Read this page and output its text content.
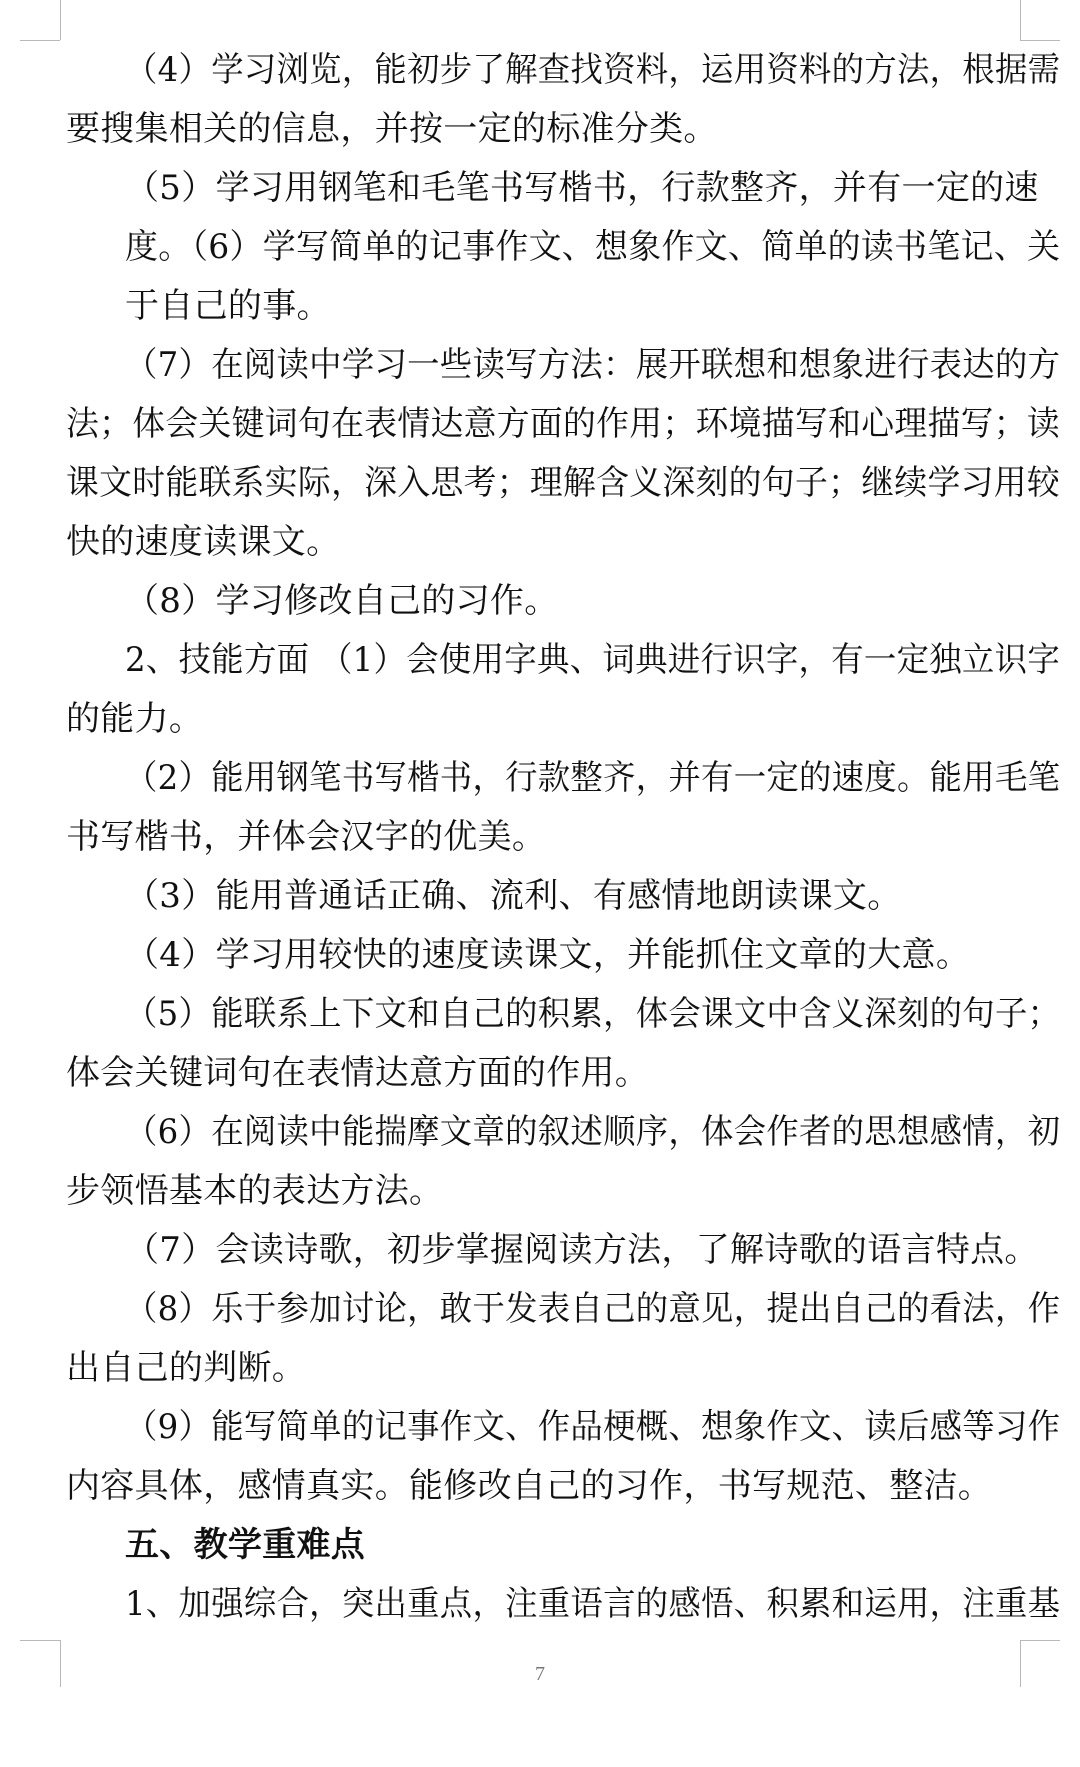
（4）学习浏览，能初步了解查找资料，运用资料的方法，根据需
要搜集相关的信息，并按一定的标准分类。
（5）学习用钢笔和毛笔书写楷书，行款整齐，并有一定的速
度。（6）学写简单的记事作文、想象作文、简单的读书笔记、关
于自己的事。
（7）在阅读中学习一些读写方法：展开联想和想象进行表达的方
法；体会关键词句在表情达意方面的作用；环境描写和心理描写；读
课文时能联系实际，深入思考；理解含义深刻的句子；继续学习用较
快的速度读课文。
（8）学习修改自己的习作。
2、技能方面 （1）会使用字典、词典进行识字，有一定独立识字
的能力。
（2）能用钢笔书写楷书，行款整齐，并有一定的速度。能用毛笔
书写楷书，并体会汉字的优美。
（3）能用普通话正确、流利、有感情地朗读课文。
（4）学习用较快的速度读课文，并能抓住文章的大意。
（5）能联系上下文和自己的积累，体会课文中含义深刻的句子；
体会关键词句在表情达意方面的作用。
（6）在阅读中能揣摩文章的叙述顺序，体会作者的思想感情，初
步领悟基本的表达方法。
（7）会读诗歌，初步掌握阅读方法，了解诗歌的语言特点。
（8）乐于参加讨论，敢于发表自己的意见，提出自己的看法，作
出自己的判断。
（9）能写简单的记事作文、作品梗概、想象作文、读后感等习作
内容具体，感情真实。能修改自己的习作，书写规范、整洁。
五、教学重难点
1、加强综合，突出重点，注重语言的感悟、积累和运用，注重基
7
